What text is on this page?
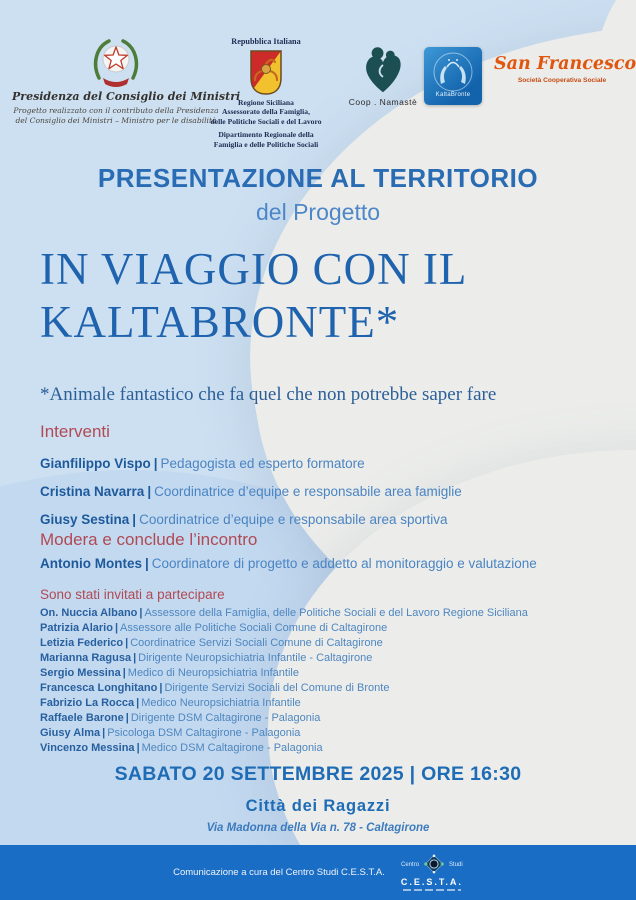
Presidenza del Consiglio dei Ministri
Progetto realizzato con il contributo della Presidenza
del Consiglio dei Ministri – Ministro per le disabilità
Repubblica Italiana
Regione Siciliana
Assessorato della Famiglia,
delle Politiche Sociali e del Lavoro
Dipartimento Regionale della
Famiglia e delle Politiche Sociali
Coop . Namastè
KaltaBronte
San Francesco
Società Cooperativa Sociale
PRESENTAZIONE AL TERRITORIO
del Progetto
IN VIAGGIO CON IL
KALTABRONTE*
*Animale fantastico che fa quel che non potrebbe saper fare
Interventi
Gianfilippo Vispo | Pedagogista ed esperto formatore
Cristina Navarra | Coordinatrice d’equipe e responsabile area famiglie
Giusy Sestina | Coordinatrice d’equipe e responsabile area sportiva
Modera e conclude l’incontro
Antonio Montes | Coordinatore di progetto e addetto al monitoraggio e valutazione
Sono stati invitati a partecipare
On. Nuccia Albano | Assessore della Famiglia, delle Politiche Sociali e del Lavoro Regione Siciliana
Patrizia Alario | Assessore alle Politiche Sociali Comune di Caltagirone
Letizia Federico | Coordinatrice Servizi Sociali Comune di Caltagirone
Marianna Ragusa | Dirigente Neuropsichiatria Infantile - Caltagirone
Sergio Messina | Medico di Neuropsichiatria Infantile
Francesca Longhitano | Dirigente Servizi Sociali del Comune di Bronte
Fabrizio La Rocca | Medico Neuropsichiatria Infantile
Raffaele Barone | Dirigente DSM Caltagirone - Palagonia
Giusy Alma | Psicologa DSM Caltagirone - Palagonia
Vincenzo Messina | Medico DSM Caltagirone - Palagonia
SABATO 20 SETTEMBRE 2025 | ORE 16:30
Città dei Ragazzi
Via Madonna della Via n. 78 - Caltagirone
Comunicazione a cura del Centro Studi C.E.S.T.A.
Centro	Studi
C.E.S.T.A.
